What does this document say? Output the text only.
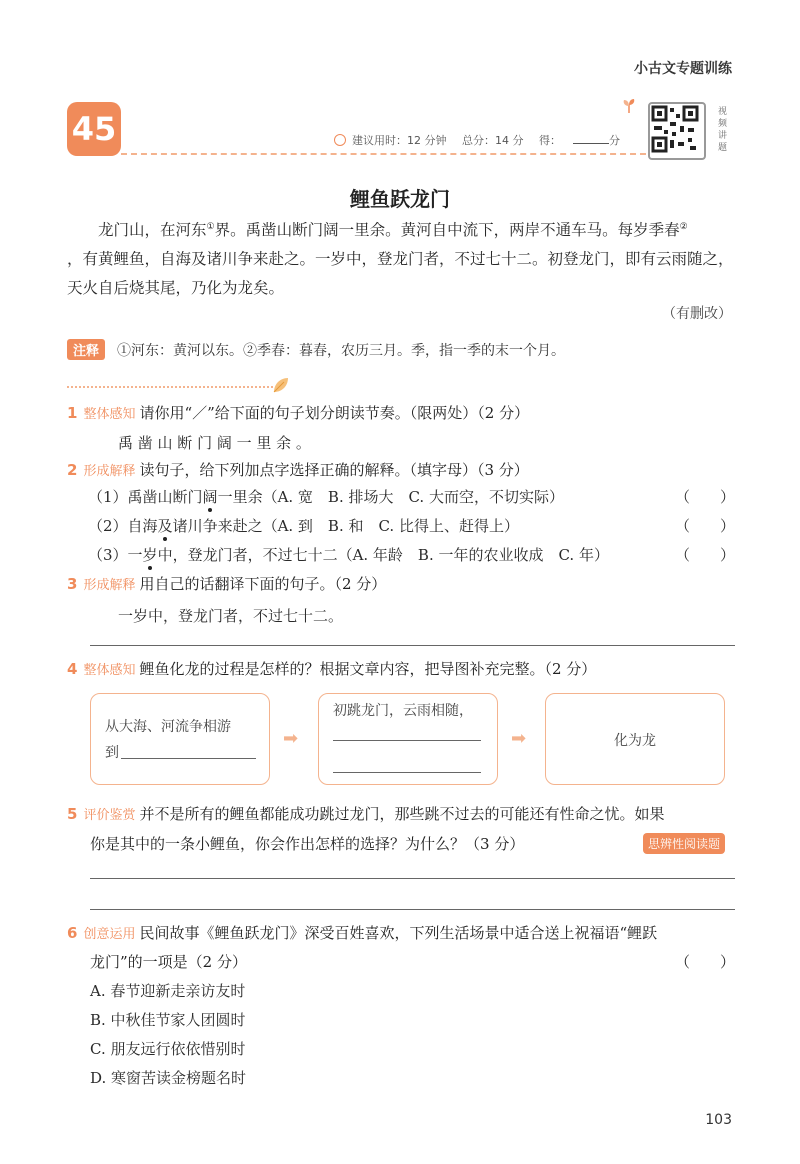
小古文专题训练
45	建议用时：12 分钟 总分：14 分 得：	分
视频讲题
鲤鱼跃龙门
龙门山，在河东①界。禹凿山断门阔一里余。黄河自中流下，两岸不通车马。每岁季春②
，有黄鲤鱼，自海及诸川争来赴之。一岁中，登龙门者，不过七十二。初登龙门，即有云雨随之，
天火自后烧其尾，乃化为龙矣。
（有删改）
注释	①河东：黄河以东。②季春：暮春，农历三月。季，指一季的末一个月。
1 整体感知 请你用“／”给下面的句子划分朗读节奏。（限两处）（2 分）
禹 凿 山 断 门 阔 一 里 余 。
2 形成解释 读句子，给下列加点字选择正确的解释。（填字母）（3 分）
（1）禹凿山断门阔一里余（A. 宽　B. 排场大　C. 大而空，不切实际）	（　　）
（2）自海及诸川争来赴之（A. 到　B. 和　C. 比得上、赶得上）	（　　）
（3）一岁中，登龙门者，不过七十二（A. 年龄　B. 一年的农业收成　C. 年）	（　　）
3 形成解释 用自己的话翻译下面的句子。（2 分）
一岁中，登龙门者，不过七十二。
4 整体感知 鲤鱼化龙的过程是怎样的？根据文章内容，把导图补充完整。（2 分）
从大海、河流争相游
到
➡
初跳龙门，云雨相随，
➡	化为龙
5 评价鉴赏 并不是所有的鲤鱼都能成功跳过龙门，那些跳不过去的可能还有性命之忧。如果
你是其中的一条小鲤鱼，你会作出怎样的选择？为什么？（3 分）	思辨性阅读题
6 创意运用 民间故事《鲤鱼跃龙门》深受百姓喜欢，下列生活场景中适合送上祝福语“鲤跃
龙门”的一项是（2 分）	（　　）
A. 春节迎新走亲访友时
B. 中秋佳节家人团圆时
C. 朋友远行依依惜别时
D. 寒窗苦读金榜题名时
103
